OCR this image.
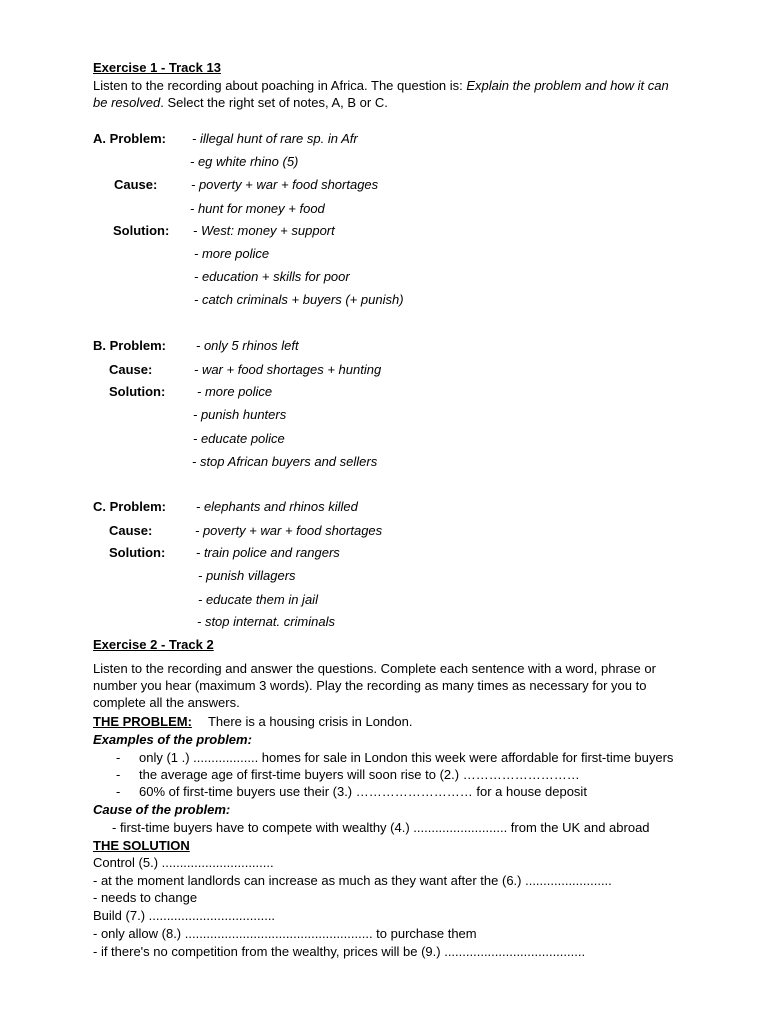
Exercise 1 - Track 13
Listen to the recording about poaching in Africa. The question is: Explain the problem and how it can
be resolved. Select the right set of notes, A, B or C.
A. Problem: - illegal hunt of rare sp. in Afr
- eg white rhino (5)
Cause:	- poverty + war + food shortages
- hunt for money + food
Solution: - West: money + support
- more police
- education + skills for poor
- catch criminals + buyers (+ punish)
B. Problem: - only 5 rhinos left
Cause:	- war + food shortages + hunting
Solution: - more police
- punish hunters
- educate police
- stop African buyers and sellers
C. Problem: - elephants and rhinos killed
Cause:	- poverty + war + food shortages
Solution: - train police and rangers
- punish villagers
- educate them in jail
- stop internat. criminals
Exercise 2 - Track 2
Listen to the recording and answer the questions. Complete each sentence with a word, phrase or
number you hear (maximum 3 words). Play the recording as many times as necessary for you to
complete all the answers.
THE PROBLEM: There is a housing crisis in London.
Examples of the problem:
- only (1 .) .................. homes for sale in London this week were affordable for first-time buyers
- the average age of first-time buyers will soon rise to (2.) ………………………
- 60% of first-time buyers use their (3.) ……………………… for a house deposit
Cause of the problem:
- first-time buyers have to compete with wealthy (4.) .......................... from the UK and abroad
THE SOLUTION
Control (5.) ...............................
- at the moment landlords can increase as much as they want after the (6.) ........................
- needs to change
Build (7.) ...................................
- only allow (8.) .................................................... to purchase them
- if there's no competition from the wealthy, prices will be (9.) .......................................
